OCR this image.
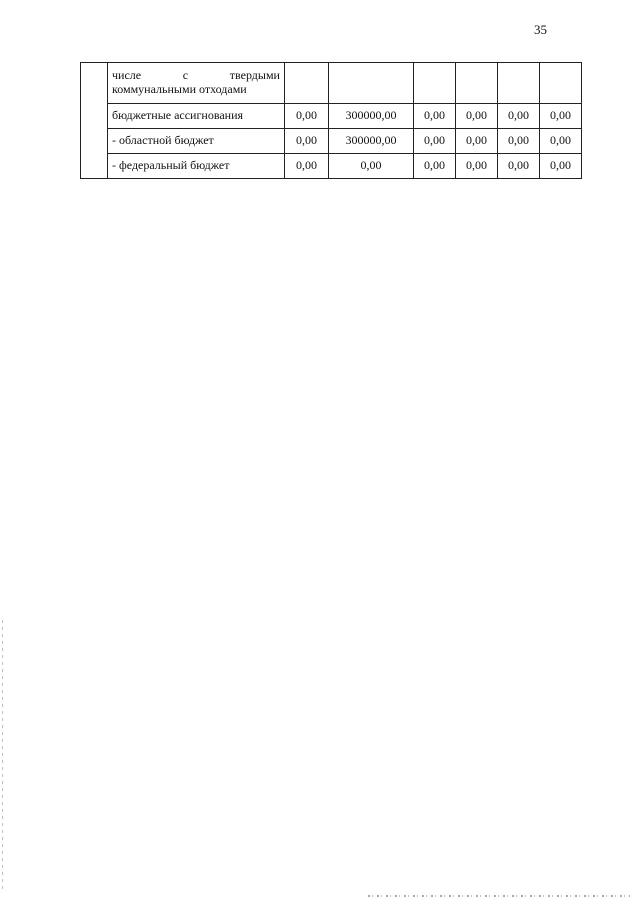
35

	числе с твердыми
коммунальными отходами						

	бюджетные ассигнования	0,00	300000,00	0,00	0,00	0,00	0,00
	- областной бюджет	0,00	300000,00	0,00	0,00	0,00	0,00
	- федеральный бюджет	0,00	0,00	0,00	0,00	0,00	0,00
